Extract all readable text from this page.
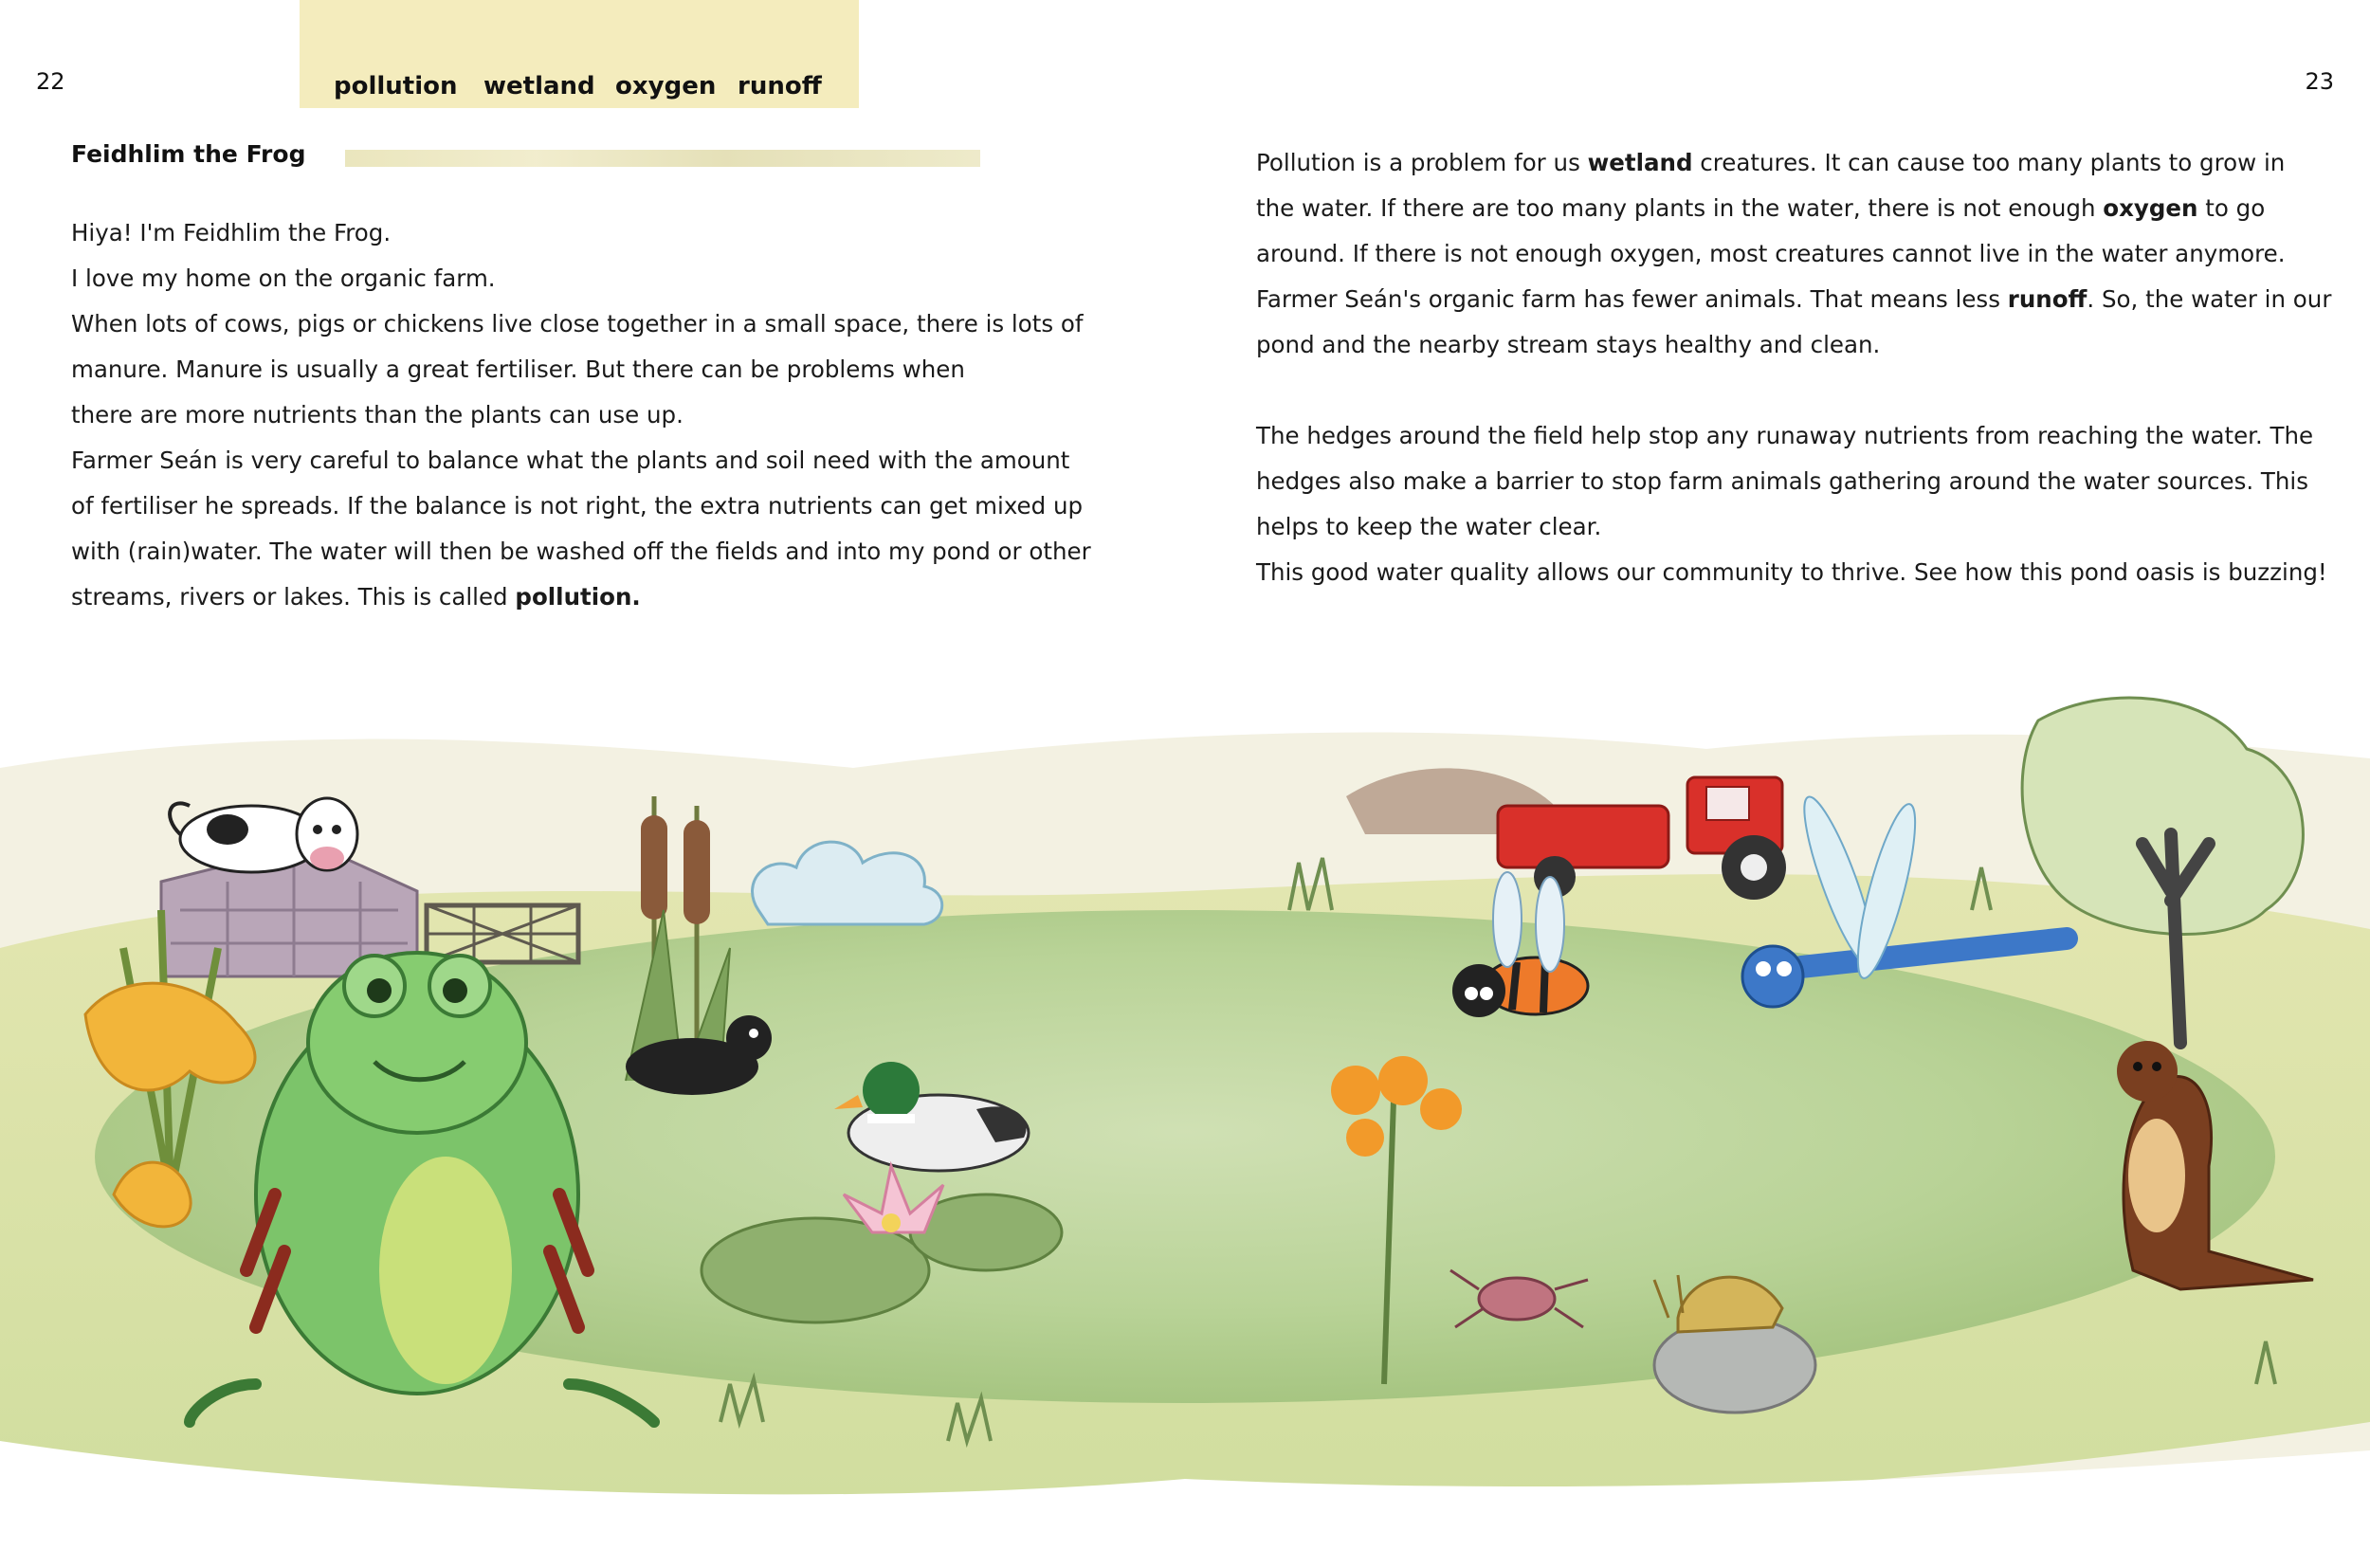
22	23
pollution wetland oxygen runoff
Feidhlim the Frog

Hiya! I'm Feidhlim the Frog.

I love my home on the organic farm.

When lots of cows, pigs or chickens live close together in a small space, there is lots of

manure. Manure is usually a great fertiliser. But there can be problems when

there are more nutrients than the plants can use up.

Farmer Seán is very careful to balance what the plants and soil need with the amount

of fertiliser he spreads. If the balance is not right, the extra nutrients can get mixed up

with (rain)water. The water will then be washed off the fields and into my pond or other

streams, rivers or lakes. This is called pollution.

Pollution is a problem for us wetland creatures. It can cause too many plants to grow in

the water. If there are too many plants in the water, there is not enough oxygen to go

around. If there is not enough oxygen, most creatures cannot live in the water anymore.

Farmer Seán's organic farm has fewer animals. That means less runoff. So, the water in our

pond and the nearby stream stays healthy and clean.

The hedges around the field help stop any runaway nutrients from reaching the water. The

hedges also make a barrier to stop farm animals gathering around the water sources. This

helps to keep the water clear.

This good water quality allows our community to thrive. See how this pond oasis is buzzing!
